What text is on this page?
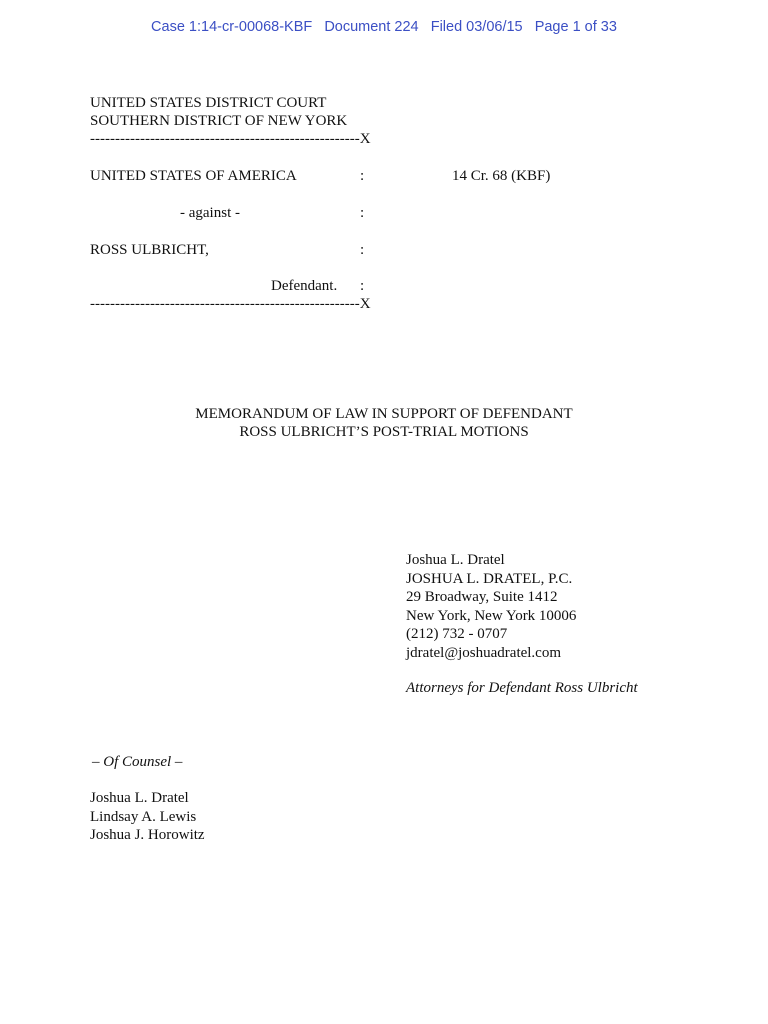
Case 1:14-cr-00068-KBF   Document 224   Filed 03/06/15   Page 1 of 33
UNITED STATES DISTRICT COURT
SOUTHERN DISTRICT OF NEW YORK
------------------------------------------------------X
UNITED STATES OF AMERICA	:	14 Cr. 68 (KBF)
- against -	:
ROSS ULBRICHT,	:
Defendant. :
------------------------------------------------------X
MEMORANDUM OF LAW IN SUPPORT OF DEFENDANT
ROSS ULBRICHT’S POST-TRIAL MOTIONS
Joshua L. Dratel
JOSHUA L. DRATEL, P.C.
29 Broadway, Suite 1412
New York, New York 10006
(212) 732 - 0707
jdratel@joshuadratel.com
Attorneys for Defendant Ross Ulbricht
– Of Counsel –
Joshua L. Dratel
Lindsay A. Lewis
Joshua J. Horowitz
